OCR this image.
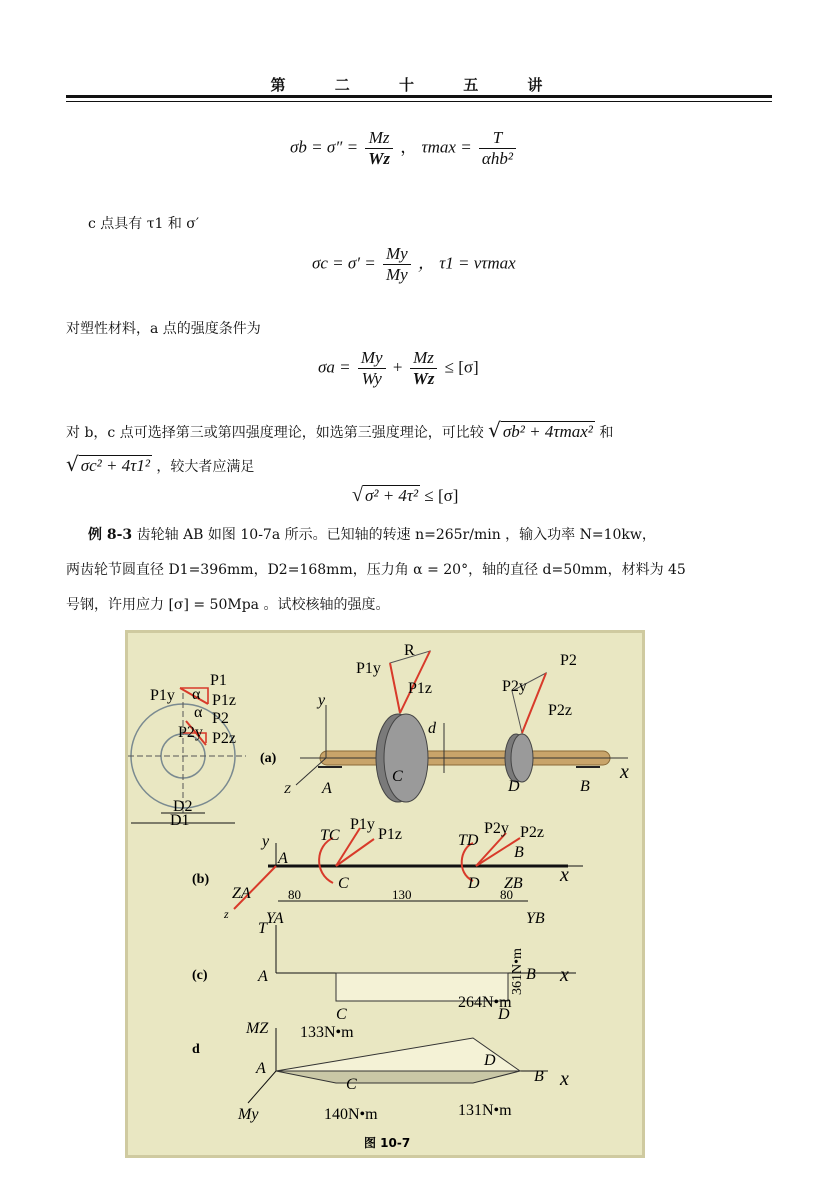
第 二 十 五 讲
$\sigma b = \sigma'' = \frac{Mz}{Wz}$ ， $\tau\max = \frac{T}{\text{αhb²}}$
c 点具有 τ1 和 σ′
$\sigma c = \sigma' = \frac{My}{My}$ ， τ1 = ντmax
对塑性材料，a 点的强度条件为
$\sigma a = \frac{My}{Wy} + \frac{Mz}{Wz} \le [\sigma]$
对 b，c 点可选择第三或第四强度理论，如选第三强度理论，可比较 √ σb² + 4τmax² 和
√ σc² + 4τ1² ，较大者应满足
√ σ² + 4τ² ≤ [σ]
例 8-3 齿轮轴 AB 如图 10-7a 所示。已知轴的转速 n=265r/min ，输入功率 N=10kw，
两齿轮节圆直径 D1=396mm，D2=168mm，压力角 α = 20°，轴的直径 d=50mm，材料为 45
号钢，许用应力 [σ] = 50Mpa 。试校核轴的强度。
P1y
P1
α P1z
α P2
P2y P2z
D2
D1
(a)
y
Z
x
C
d
D
A	B
P1y
R
P1z
P2
P2y
P2z
x
y
ZA
z YA
A
(b)
TC
P1y
P1z
C
TD
P2y P2z
D ZB
B
YB
80	130	80
T
A
(c)
C	D
B x
361N•m
MZ
My
A
d
C
D
B x
133N•m
264N•m
140N•m	131N•m
图 10-7
